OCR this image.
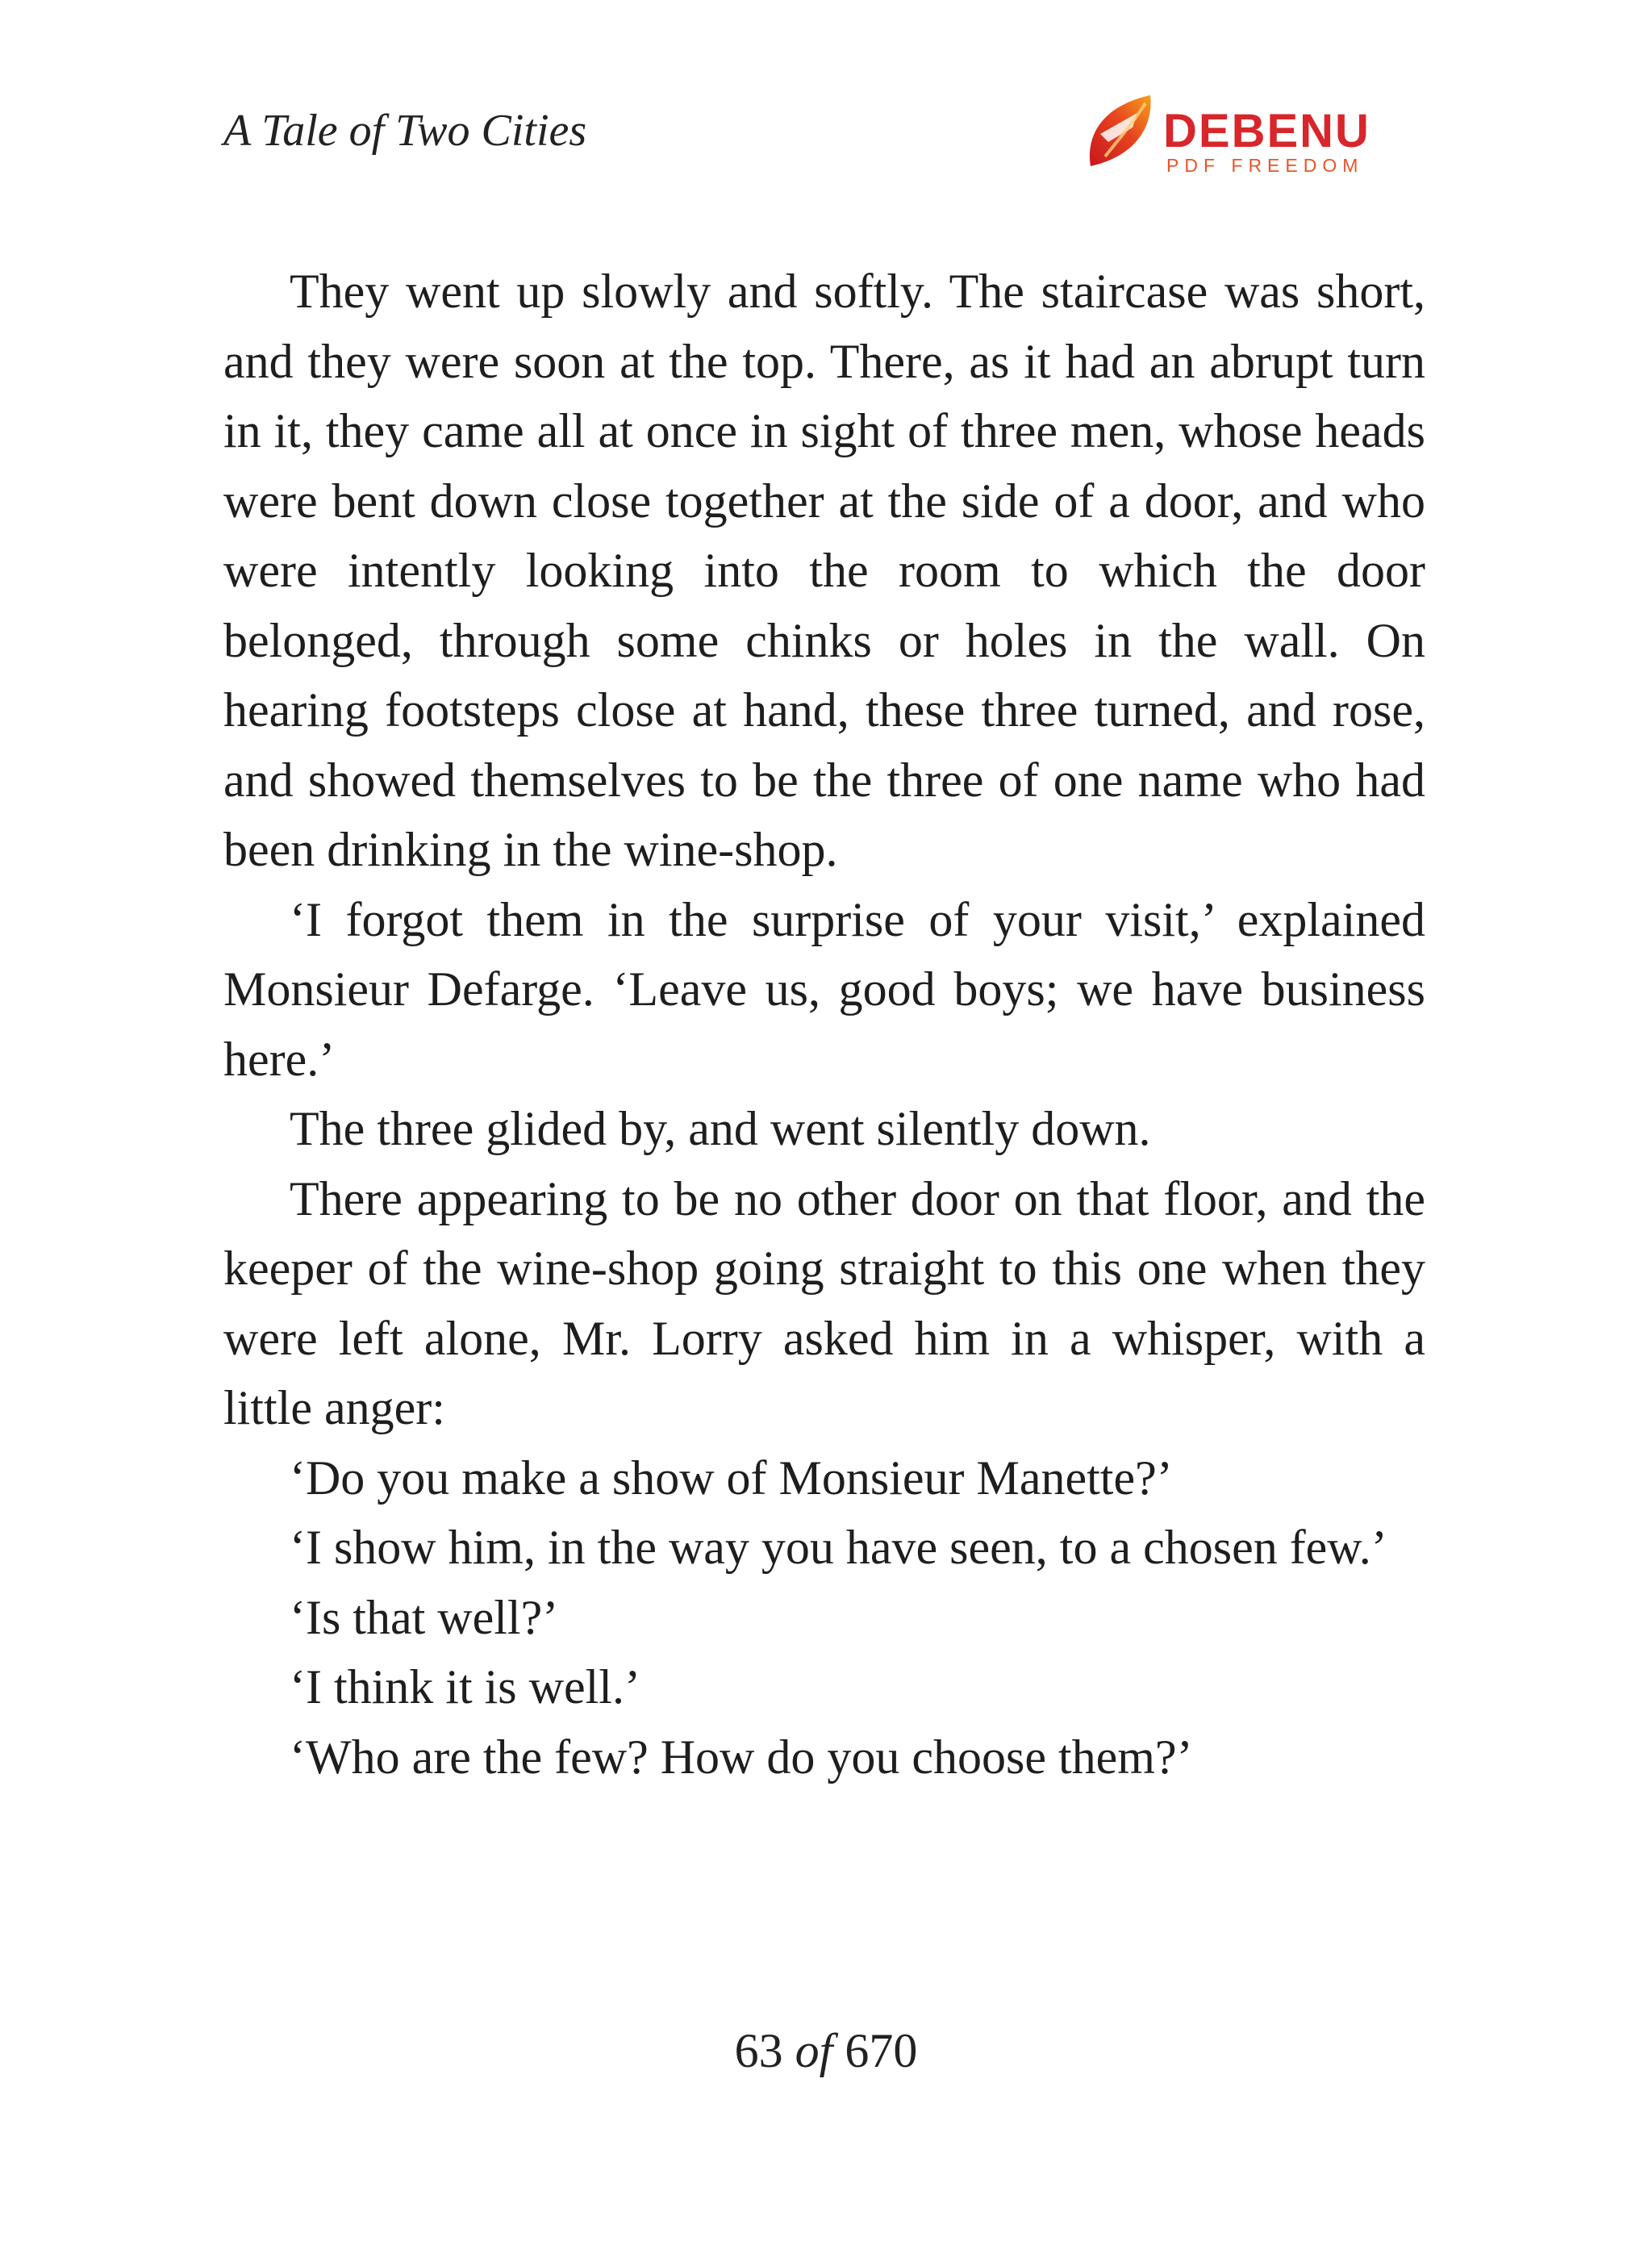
A Tale of Two Cities	DEBENU
PDF FREEDOM

They went up slowly and softly. The staircase was short, and they were soon at the top. There, as it had an abrupt turn in it, they came all at once in sight of three men, whose heads were bent down close together at the side of a door, and who were intently looking into the room to which the door belonged, through some chinks or holes in the wall. On hearing footsteps close at hand, these three turned, and rose, and showed themselves to be the three of one name who had been drinking in the wine-shop.

‘I forgot them in the surprise of your visit,’ explained Monsieur Defarge. ‘Leave us, good boys; we have business here.’

The three glided by, and went silently down.

There appearing to be no other door on that floor, and the keeper of the wine-shop going straight to this one when they were left alone, Mr. Lorry asked him in a whisper, with a little anger:

‘Do you make a show of Monsieur Manette?’

‘I show him, in the way you have seen, to a chosen few.’

‘Is that well?’

‘I think it is well.’

‘Who are the few? How do you choose them?’

63 of 670
